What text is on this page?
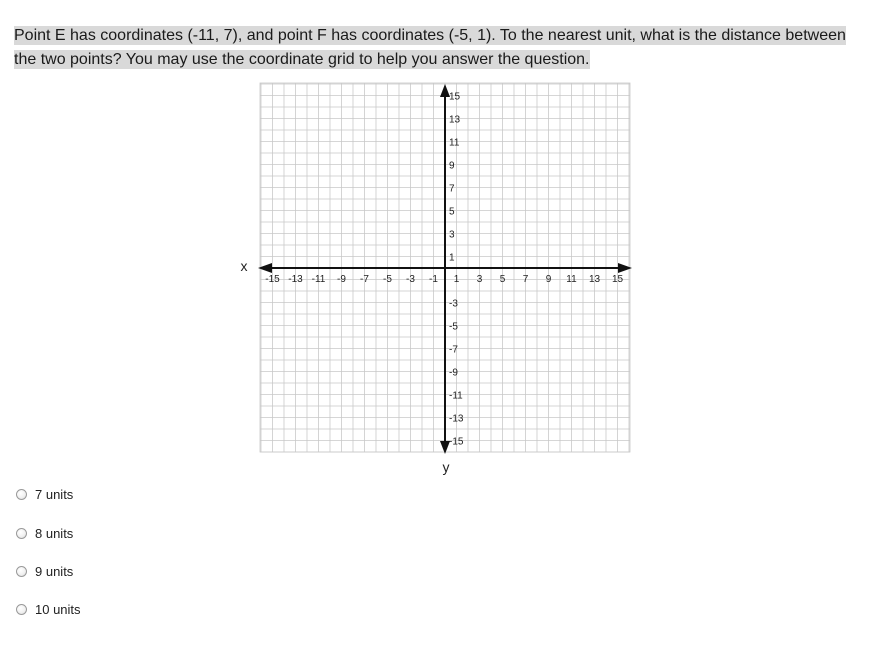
Point E has coordinates (-11, 7), and point F has coordinates (-5, 1). To the nearest unit, what is the distance between the two points? You may use the coordinate grid to help you answer the question.
-15 -13 -11 -9 -7 -5 -3 -1 1 3 5 7 9 11 13 15
15
13
11
9
7
5
3
1
-3
-5
-7
-9
-11
-13
-15
x
y
7 units
8 units
9 units
10 units
